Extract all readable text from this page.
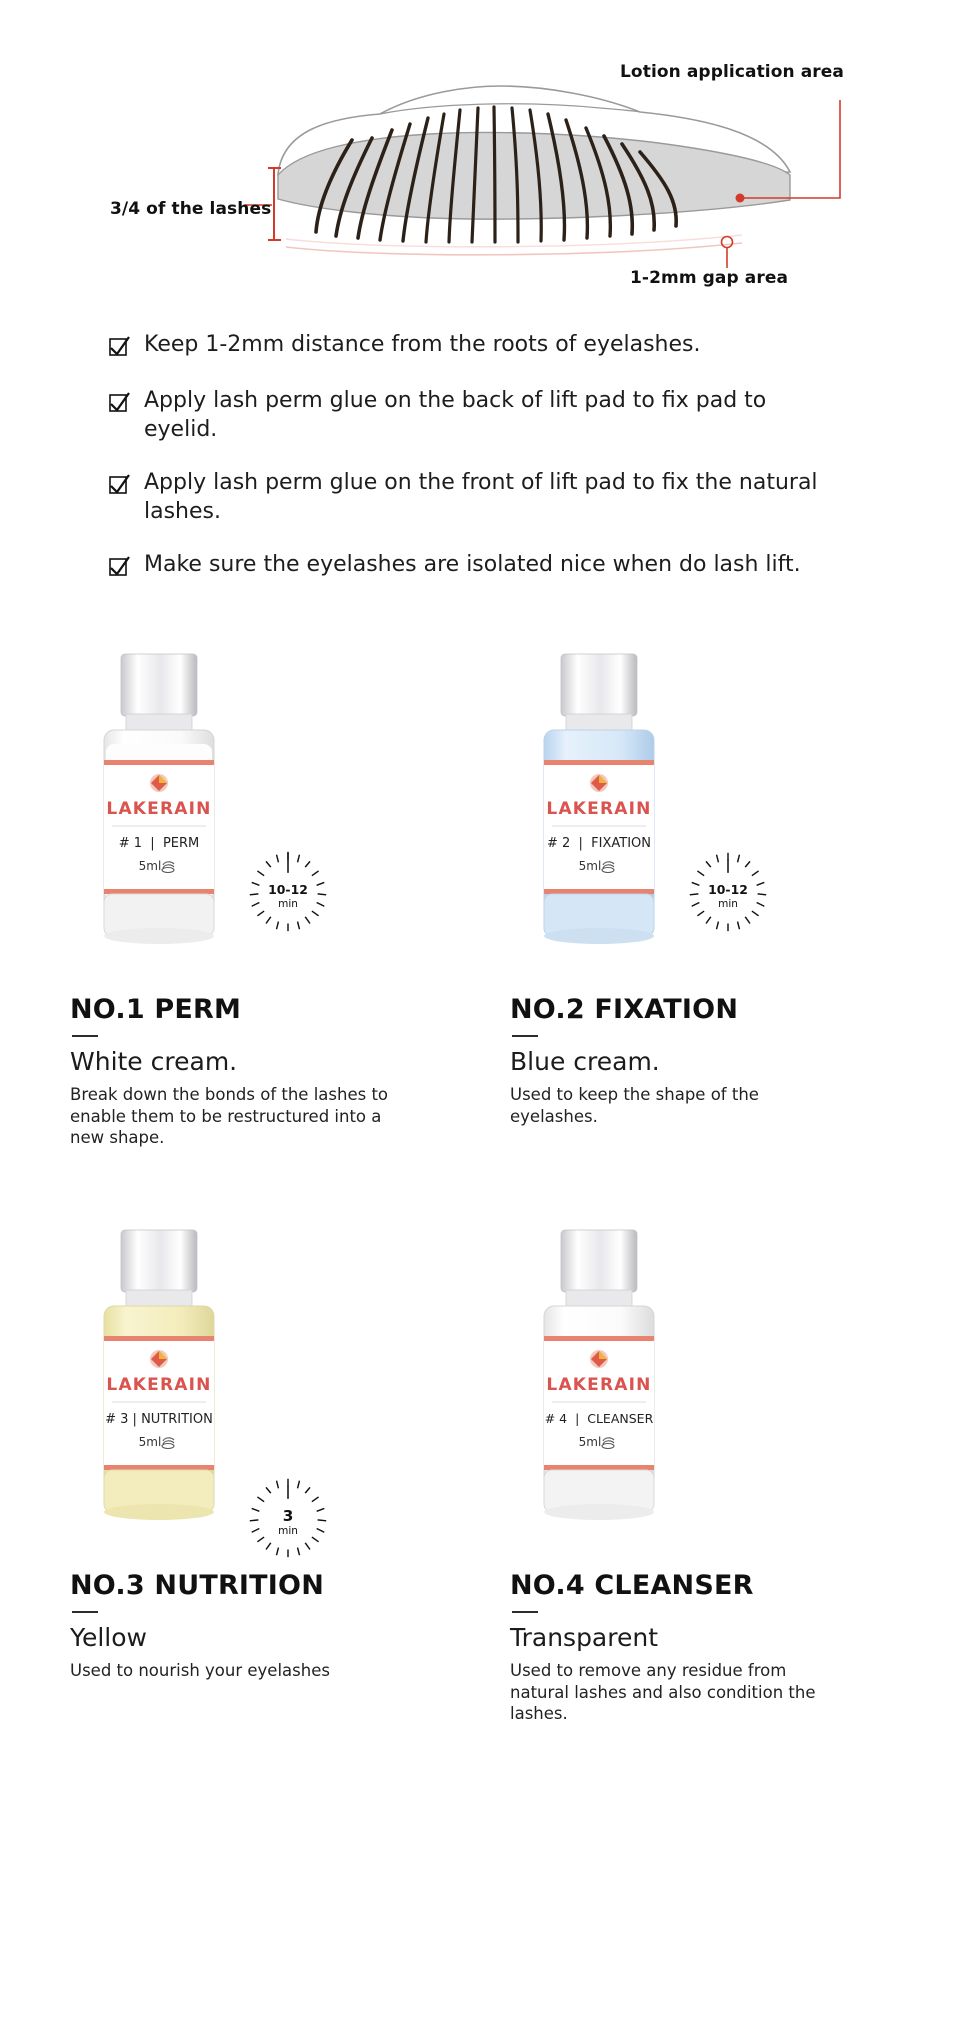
Lotion application area
3/4 of the lashes
1-2mm gap area
Keep 1-2mm distance from the roots of eyelashes.
Apply lash perm glue on the back of lift pad to fix pad to eyelid.
Apply lash perm glue on the front of lift pad to fix the natural lashes.
Make sure the eyelashes are isolated nice when do lash lift.
LAKERAIN
# 1  |  PERM
5ml
10-12
min
NO.1 PERM
White cream.
Break down the bonds of the lashes to enable them to be restructured into a new shape.
LAKERAIN
# 2  |  FIXATION
5ml
10-12
min
NO.2 FIXATION
Blue cream.
Used to keep the shape of the eyelashes.
LAKERAIN
# 3 | NUTRITION
5ml
3
min
NO.3 NUTRITION
Yellow
Used to nourish your eyelashes
LAKERAIN
# 4  |  CLEANSER
5ml
NO.4 CLEANSER
Transparent
Used to remove any residue from natural lashes and also condition the lashes.
